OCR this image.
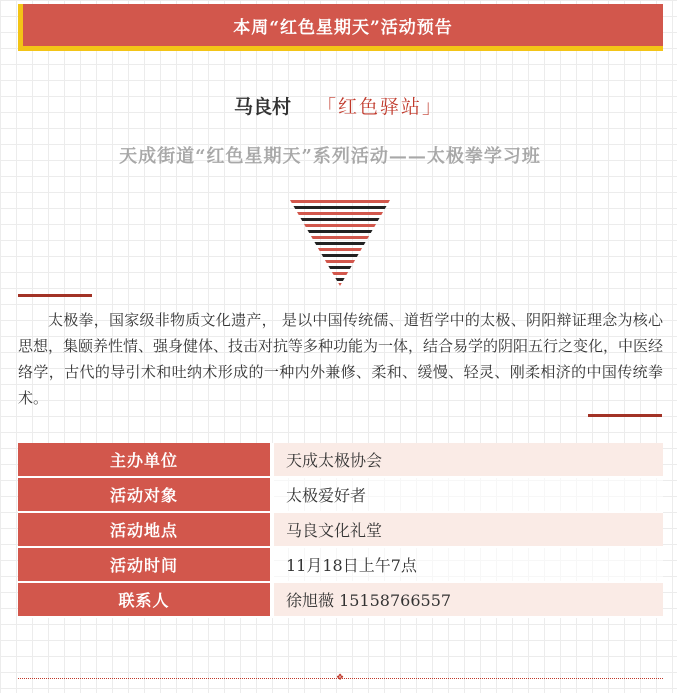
本周“红色星期天”活动预告
马良村 「红色驿站」
天成街道“红色星期天”系列活动——太极拳学习班
太极拳，国家级非物质文化遗产， 是以中国传统儒、道哲学中的太极、阴阳辩证理念为核心思想，集颐养性情、强身健体、技击对抗等多种功能为一体，结合易学的阴阳五行之变化，中医经络学，古代的导引术和吐纳术形成的一种内外兼修、柔和、缓慢、轻灵、刚柔相济的中国传统拳术。
主办单位	天成太极协会
活动对象	太极爱好者
活动地点	马良文化礼堂
活动时间	11月18日上午7点
联系人	徐旭薇 15158766557
❖
